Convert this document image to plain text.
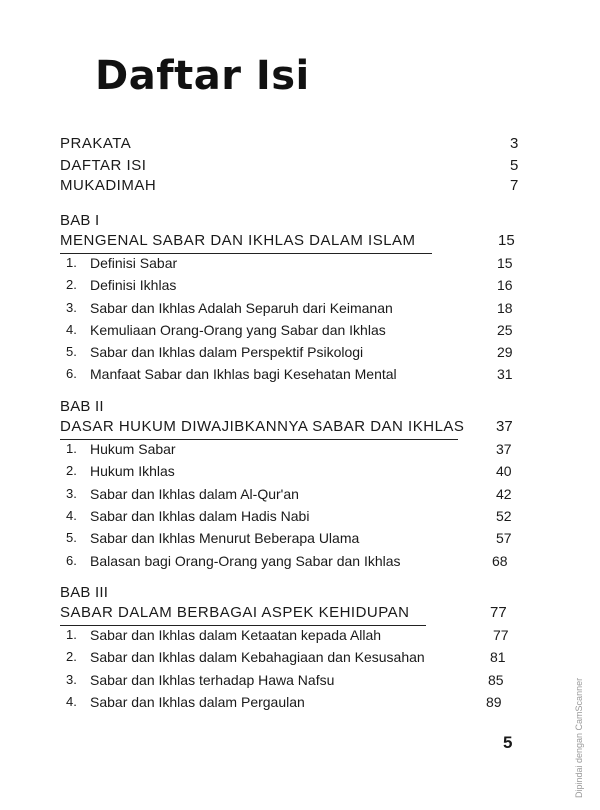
Daftar Isi
PRAKATA	3
DAFTAR ISI	5
MUKADIMAH	7
BAB I
MENGENAL SABAR DAN IKHLAS DALAM ISLAM	15
1. Definisi Sabar	15
2. Definisi Ikhlas	16
3. Sabar dan Ikhlas Adalah Separuh dari Keimanan	18
4. Kemuliaan Orang-Orang yang Sabar dan Ikhlas	25
5. Sabar dan Ikhlas dalam Perspektif Psikologi	29
6. Manfaat Sabar dan Ikhlas bagi Kesehatan Mental	31
BAB II
DASAR HUKUM DIWAJIBKANNYA SABAR DAN IKHLAS 37
1. Hukum Sabar	37
2. Hukum Ikhlas	40
3. Sabar dan Ikhlas dalam Al-Qur'an	42
4. Sabar dan Ikhlas dalam Hadis Nabi	52
5. Sabar dan Ikhlas Menurut Beberapa Ulama	57
6. Balasan bagi Orang-Orang yang Sabar dan Ikhlas	68
BAB III
SABAR DALAM BERBAGAI ASPEK KEHIDUPAN	77
1. Sabar dan Ikhlas dalam Ketaatan kepada Allah	77
2. Sabar dan Ikhlas dalam Kebahagiaan dan Kesusahan	81
3. Sabar dan Ikhlas terhadap Hawa Nafsu	85
4. Sabar dan Ikhlas dalam Pergaulan	89
5	Dipindai dengan CamScanner
